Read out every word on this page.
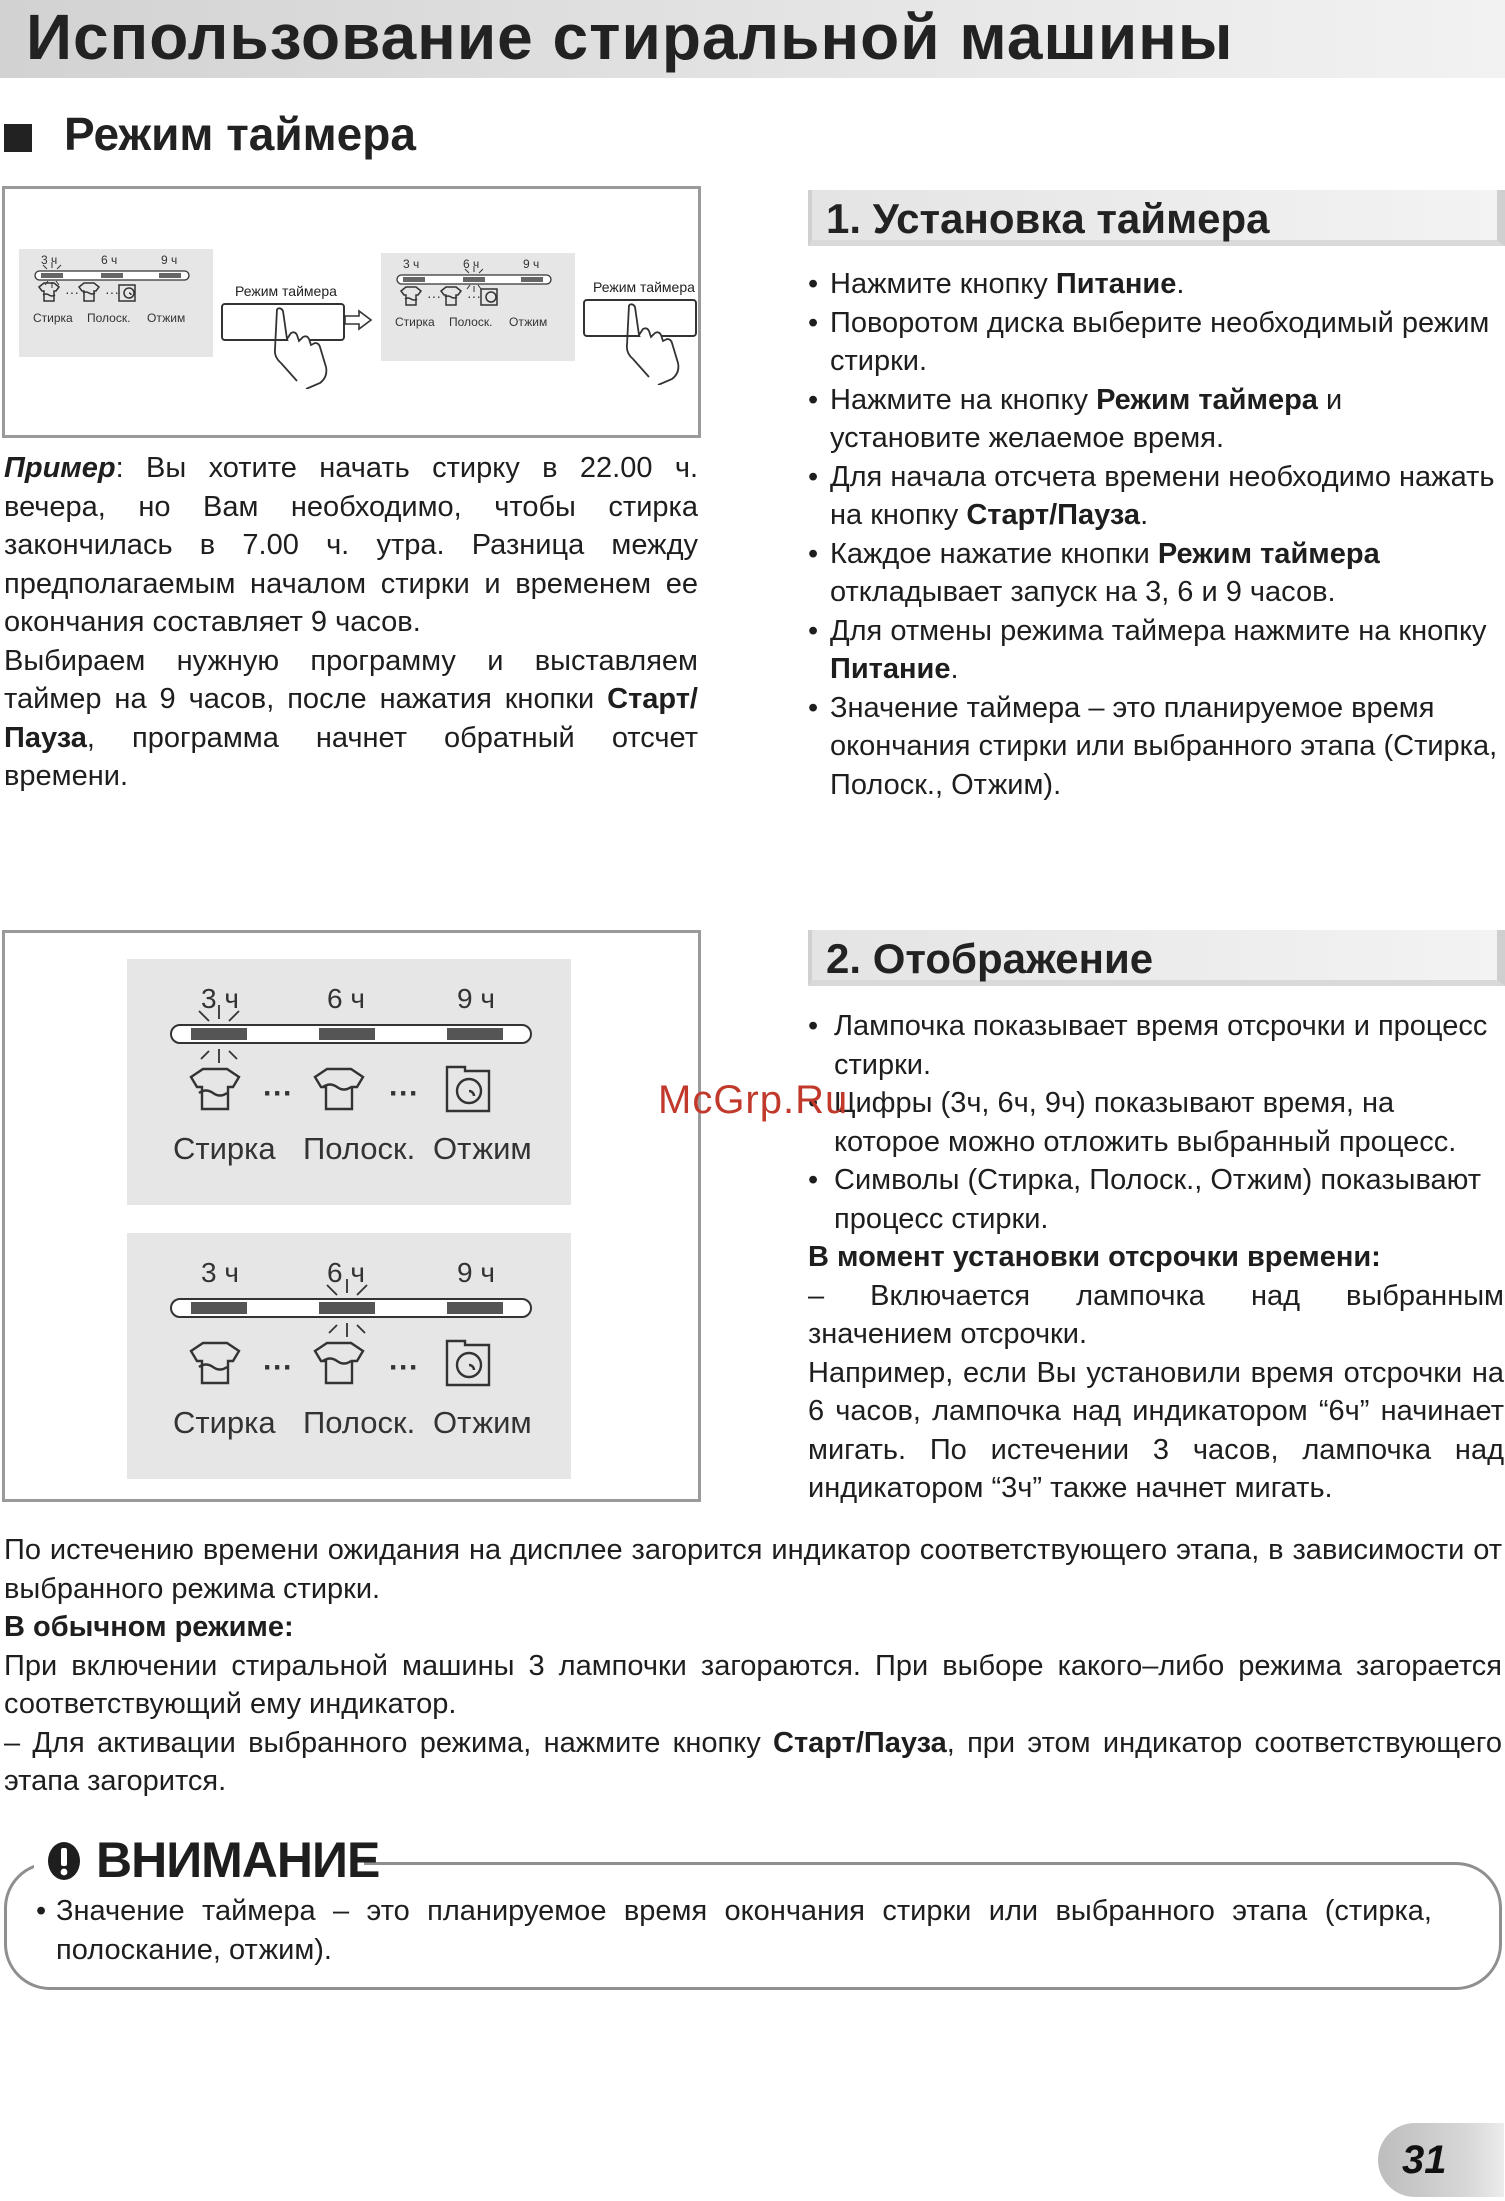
Использование стиральной машины
Режим таймера
3 ч	6 ч	9 ч
··· ···
Стирка Полоск. Отжим
Режим таймера
3 ч	6 ч	9 ч
··· ···
Стирка Полоск. Отжим
Режим таймера

Пример: Вы хотите начать стирку в 22.00 ч. вечера, но Вам необходимо, чтобы стирка закончилась в 7.00 ч. утра. Разница между предполагаемым началом стирки и временем ее окончания составляет 9 часов.

Выбираем нужную программу и выставляем таймер на 9 часов, после нажатия кнопки Старт/Пауза, программа начнет обратный отсчет времени.

1. Установка таймера
• Нажмите кнопку Питание.
• Поворотом диска выберите необходимый режим стирки.
• Нажмите на кнопку Режим таймера и установите желаемое время.
• Для начала отсчета времени необходимо нажать на кнопку Старт/Пауза.
• Каждое нажатие кнопки Режим таймера откладывает запуск на 3, 6 и 9 часов.
• Для отмены режима таймера нажмите на кнопку Питание.
• Значение таймера – это планируемое время окончания стирки или выбранного этапа (Стирка, Полоск., Отжим).
3 ч	6 ч	9 ч
···	···
Стирка Полоск. Отжим
3 ч	6 ч	9 ч
···	···
Стирка Полоск. Отжим
2. Отображение
• Лампочка показывает время отсрочки и процесс стирки.
• Цифры (3ч, 6ч, 9ч) показывают время, на которое можно отложить выбранный процесс.
• Символы (Стирка, Полоск., Отжим) показывают процесс стирки.

В момент установки отсрочки времени:

– Включается лампочка над выбранным значением отсрочки.

Например, если Вы установили время отсрочки на 6 часов, лампочка над индикатором “6ч” начинает мигать. По истечении 3 часов, лампочка над индикатором “3ч” также начнет мигать.

McGrp.Ru

По истечению времени ожидания на дисплее загорится индикатор соответствующего этапа, в зависимости от выбранного режима стирки.

В обычном режиме:

При включении стиральной машины 3 лампочки загораются. При выборе какого–либо режима загорается соответствующий ему индикатор.

– Для активации выбранного режима, нажмите кнопку Старт/Пауза, при этом индикатор соответствующего этапа загорится.

ВНИМАНИЕ
• Значение таймера – это планируемое время окончания стирки или выбранного этапа (стирка, полоскание, отжим).
31
